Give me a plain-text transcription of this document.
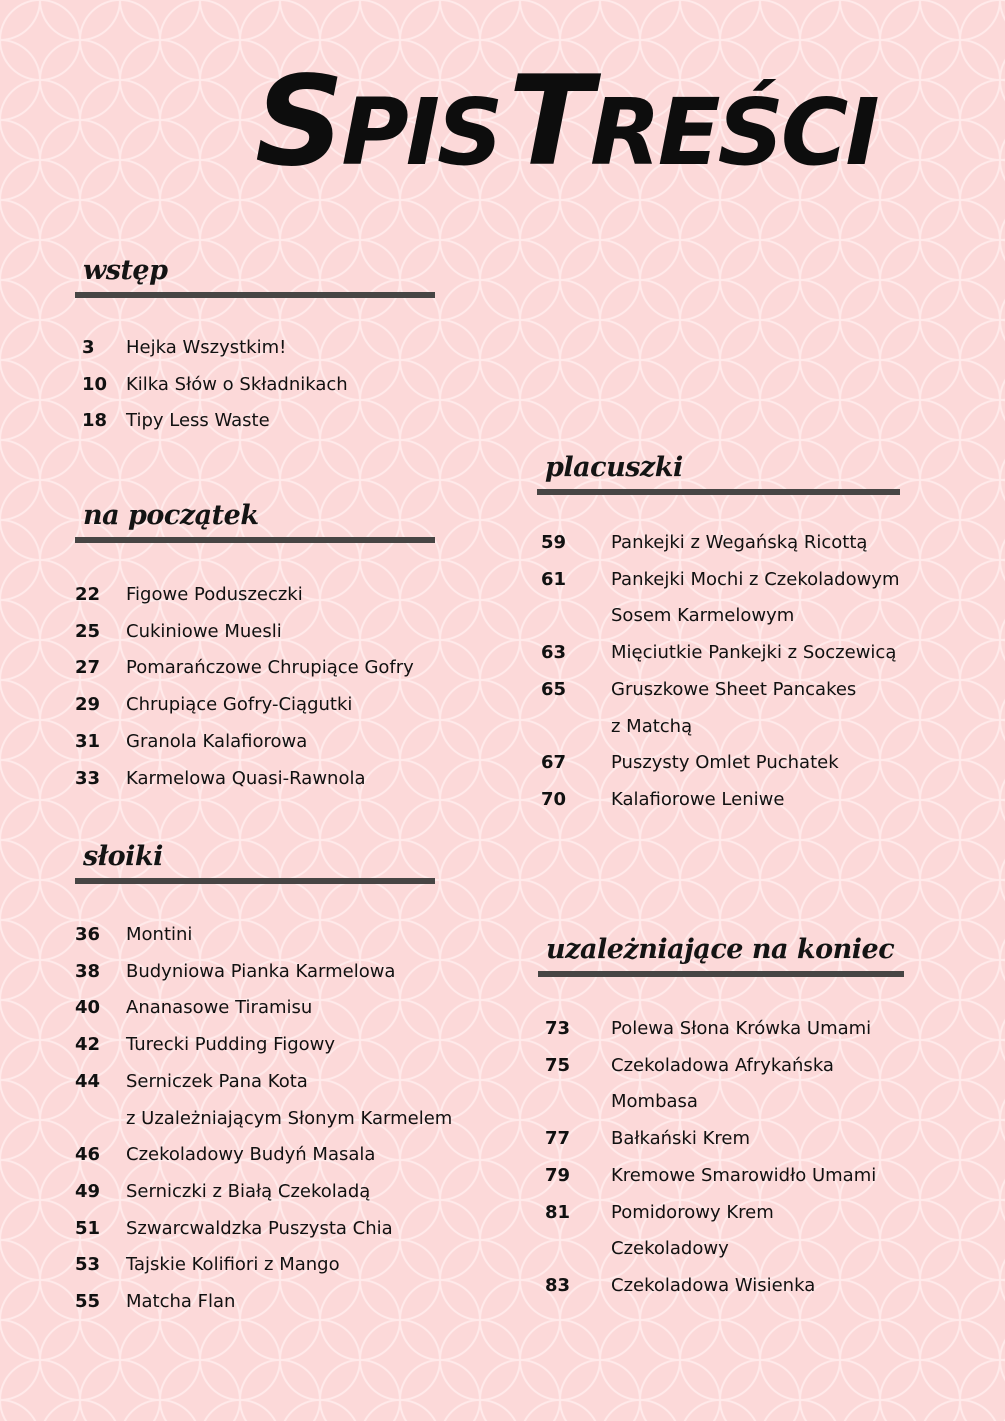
SPIS TREŚCI
wstęp
3	Hejka Wszystkim!
10	Kilka Słów o Składnikach
18	Tipy Less Waste
na początek
22	Figowe Poduszeczki
25	Cukiniowe Muesli
27	Pomarańczowe Chrupiące Gofry
29	Chrupiące Gofry-Ciągutki
31	Granola Kalafiorowa
33	Karmelowa Quasi-Rawnola
słoiki
36	Montini
38	Budyniowa Pianka Karmelowa
40	Ananasowe Tiramisu
42	Turecki Pudding Figowy
44	Serniczek Pana Kota
z Uzależniającym Słonym Karmelem
46	Czekoladowy Budyń Masala
49	Serniczki z Białą Czekoladą
51	Szwarcwaldzka Puszysta Chia
53	Tajskie Kolifiori z Mango
55	Matcha Flan
placuszki
59	Pankejki z Wegańską Ricottą
61	Pankejki Mochi z Czekoladowym
Sosem Karmelowym
63	Mięciutkie Pankejki z Soczewicą
65	Gruszkowe Sheet Pancakes
z Matchą
67	Puszysty Omlet Puchatek
70	Kalafiorowe Leniwe
uzależniające na koniec
73	Polewa Słona Krówka Umami
75	Czekoladowa Afrykańska
Mombasa
77	Bałkański Krem
79	Kremowe Smarowidło Umami
81	Pomidorowy Krem
Czekoladowy
83	Czekoladowa Wisienka
